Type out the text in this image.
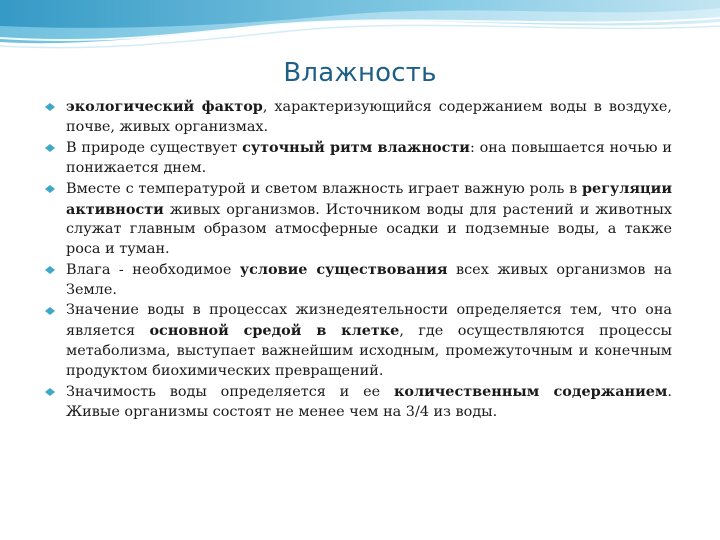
Влажность
экологический фактор, характеризующийся содержанием воды в воздухе, почве, живых организмах.
В природе существует суточный ритм влажности: она повышается ночью и понижается днем.
Вместе с температурой и светом влажность играет важную роль в регуляции активности живых организмов. Источником воды для растений и животных служат главным образом атмосферные осадки и подземные воды, а также роса и туман.
Влага - необходимое условие существования всех живых организмов на Земле.
Значение воды в процессах жизнедеятельности определяется тем, что она является основной средой в клетке, где осуществляются процессы метаболизма, выступает важнейшим исходным, промежуточным и конечным продуктом биохимических превращений.
Значимость воды определяется и ее количественным содержанием. Живые организмы состоят не менее чем на 3/4 из воды.
